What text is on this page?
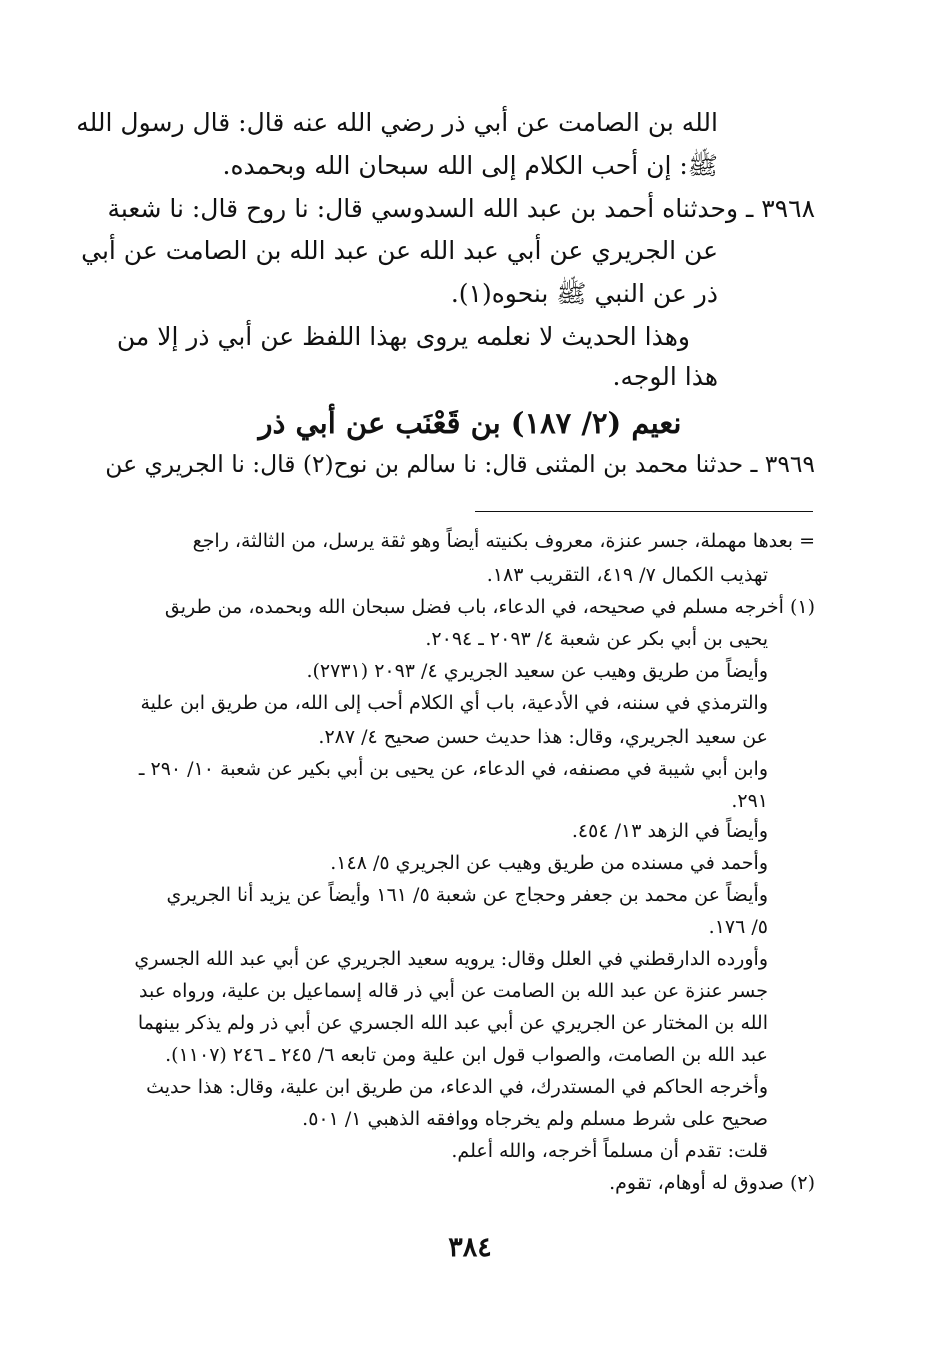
الله بن الصامت عن أبي ذر رضي الله عنه قال: قال رسول الله
ﷺ: إن أحب الكلام إلى الله سبحان الله وبحمده.
٣٩٦٨ ـ وحدثناه أحمد بن عبد الله السدوسي قال: نا روح قال: نا شعبة
عن الجريري عن أبي عبد الله عن عبد الله بن الصامت عن أبي
ذر عن النبي ﷺ بنحوه(١).
وهذا الحديث لا نعلمه يروى بهذا اللفظ عن أبي ذر إلا من
هذا الوجه.
نعيم (٢/ ١٨٧) بن قَعْنَب عن أبي ذر
٣٩٦٩ ـ حدثنا محمد بن المثنى قال: نا سالم بن نوح(٢) قال: نا الجريري عن
= بعدها مهملة، جسر عنزة، معروف بكنيته أيضاً وهو ثقة يرسل، من الثالثة، راجع
تهذيب الكمال ٧/ ٤١٩، التقريب ١٨٣.
(١) أخرجه مسلم في صحيحه، في الدعاء، باب فضل سبحان الله وبحمده، من طريق
يحيى بن أبي بكر عن شعبة ٤/ ٢٠٩٣ ـ ٢٠٩٤.
وأيضاً من طريق وهيب عن سعيد الجريري ٤/ ٢٠٩٣ (٢٧٣١).
والترمذي في سننه، في الأدعية، باب أي الكلام أحب إلى الله، من طريق ابن علية
عن سعيد الجريري، وقال: هذا حديث حسن صحيح ٤/ ٢٨٧.
وابن أبي شيبة في مصنفه، في الدعاء، عن يحيى بن أبي بكير عن شعبة ١٠/ ٢٩٠ ـ
٢٩١.
وأيضاً في الزهد ١٣/ ٤٥٤.
وأحمد في مسنده من طريق وهيب عن الجريري ٥/ ١٤٨.
وأيضاً عن محمد بن جعفر وحجاج عن شعبة ٥/ ١٦١ وأيضاً عن يزيد أنا الجريري
٥/ ١٧٦.
وأورده الدارقطني في العلل وقال: يرويه سعيد الجريري عن أبي عبد الله الجسري
جسر عنزة عن عبد الله بن الصامت عن أبي ذر قاله إسماعيل بن علية، ورواه عبد
الله بن المختار عن الجريري عن أبي عبد الله الجسري عن أبي ذر ولم يذكر بينهما
عبد الله بن الصامت، والصواب قول ابن علية ومن تابعه ٦/ ٢٤٥ ـ ٢٤٦ (١١٠٧).
وأخرجه الحاكم في المستدرك، في الدعاء، من طريق ابن علية، وقال: هذا حديث
صحيح على شرط مسلم ولم يخرجاه ووافقه الذهبي ١/ ٥٠١.
قلت: تقدم أن مسلماً أخرجه، والله أعلم.
(٢) صدوق له أوهام، تقوم.
٣٨٤
